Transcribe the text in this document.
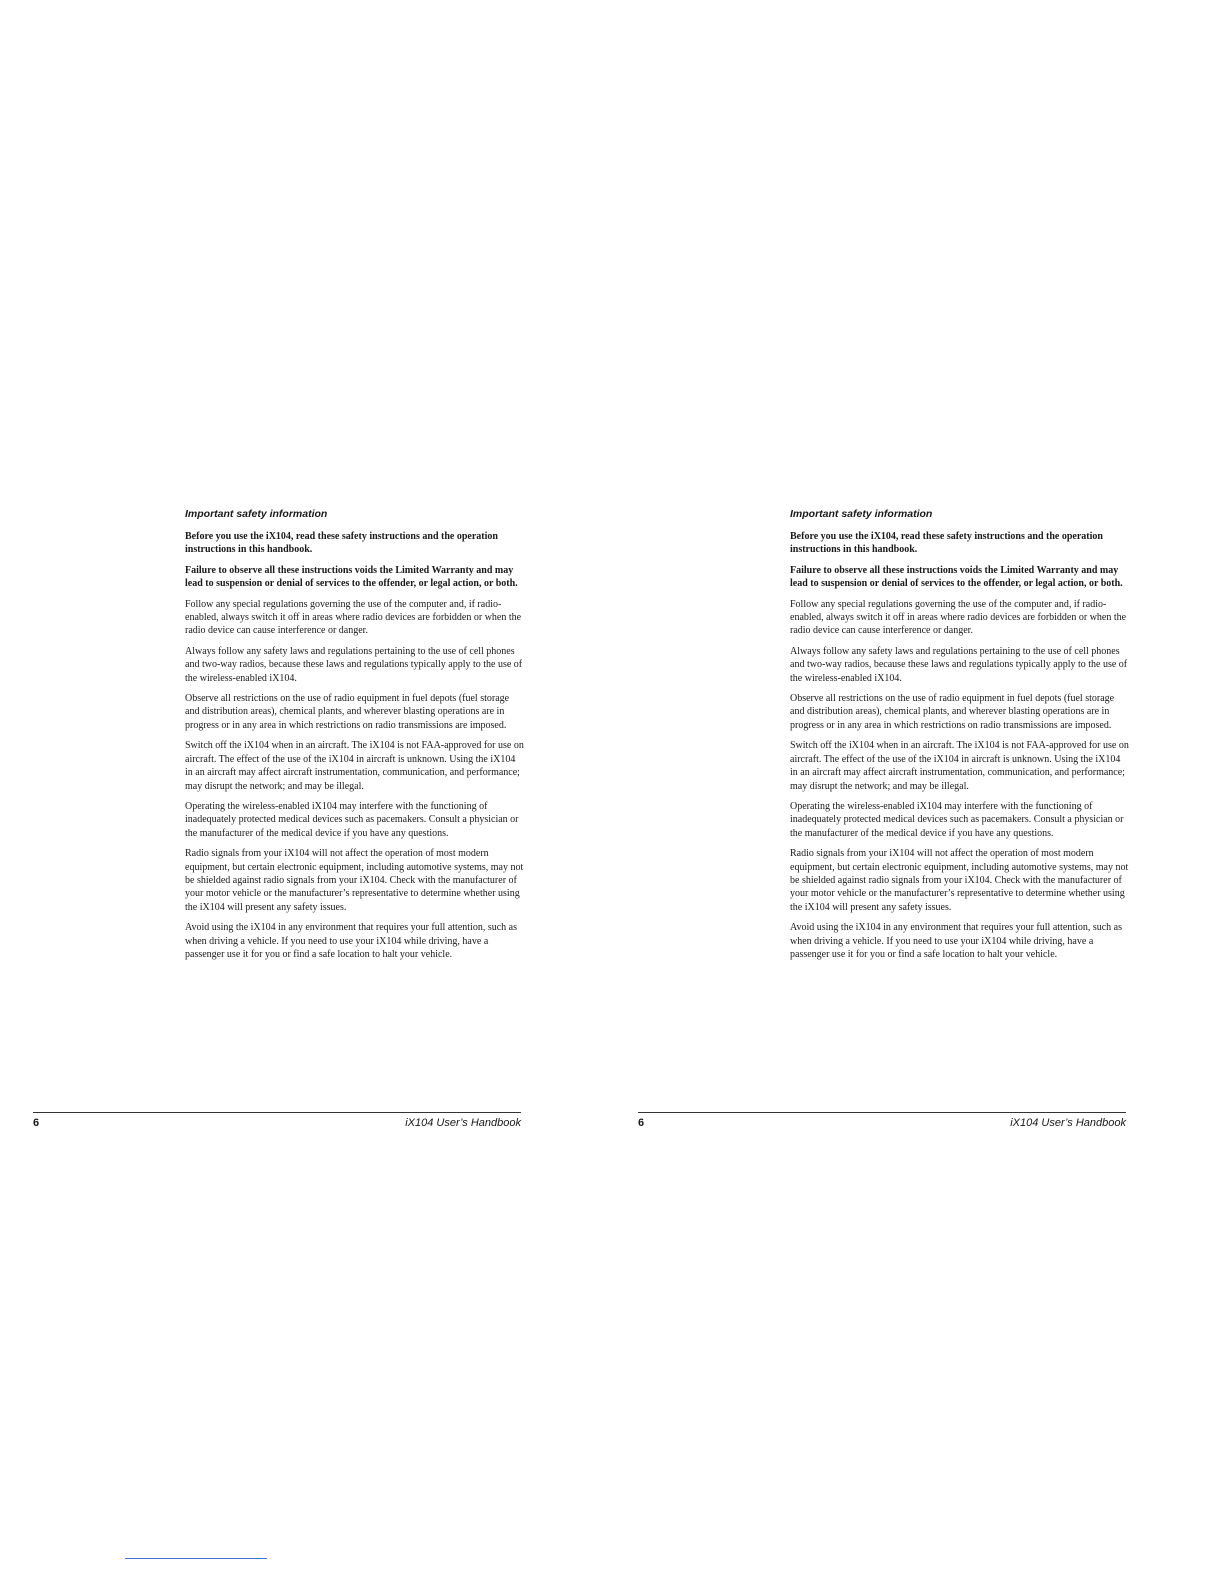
Important safety information

Before you use the iX104, read these safety instructions and the operation instructions in this handbook.

Failure to observe all these instructions voids the Limited Warranty and may lead to suspension or denial of services to the offender, or legal action, or both.

Follow any special regulations governing the use of the computer and, if radio-enabled, always switch it off in areas where radio devices are forbidden or when the radio device can cause interference or danger.

Always follow any safety laws and regulations pertaining to the use of cell phones and two-way radios, because these laws and regulations typically apply to the use of the wireless-enabled iX104.

Observe all restrictions on the use of radio equipment in fuel depots (fuel storage and distribution areas), chemical plants, and wherever blasting operations are in progress or in any area in which restrictions on radio transmissions are imposed.

Switch off the iX104 when in an aircraft. The iX104 is not FAA-approved for use on aircraft. The effect of the use of the iX104 in aircraft is unknown. Using the iX104 in an aircraft may affect aircraft instrumentation, communication, and performance; may disrupt the network; and may be illegal.

Operating the wireless-enabled iX104 may interfere with the functioning of inadequately protected medical devices such as pacemakers. Consult a physician or the manufacturer of the medical device if you have any questions.

Radio signals from your iX104 will not affect the operation of most modern equipment, but certain electronic equipment, including automotive systems, may not be shielded against radio signals from your iX104. Check with the manufacturer of your motor vehicle or the manufacturer’s representative to determine whether using the iX104 will present any safety issues.

Avoid using the iX104 in any environment that requires your full attention, such as when driving a vehicle. If you need to use your iX104 while driving, have a passenger use it for you or find a safe location to halt your vehicle.

6	iX104 User’s Handbook
Important safety information

Before you use the iX104, read these safety instructions and the operation instructions in this handbook.

Failure to observe all these instructions voids the Limited Warranty and may lead to suspension or denial of services to the offender, or legal action, or both.

Follow any special regulations governing the use of the computer and, if radio-enabled, always switch it off in areas where radio devices are forbidden or when the radio device can cause interference or danger.

Always follow any safety laws and regulations pertaining to the use of cell phones and two-way radios, because these laws and regulations typically apply to the use of the wireless-enabled iX104.

Observe all restrictions on the use of radio equipment in fuel depots (fuel storage and distribution areas), chemical plants, and wherever blasting operations are in progress or in any area in which restrictions on radio transmissions are imposed.

Switch off the iX104 when in an aircraft. The iX104 is not FAA-approved for use on aircraft. The effect of the use of the iX104 in aircraft is unknown. Using the iX104 in an aircraft may affect aircraft instrumentation, communication, and performance; may disrupt the network; and may be illegal.

Operating the wireless-enabled iX104 may interfere with the functioning of inadequately protected medical devices such as pacemakers. Consult a physician or the manufacturer of the medical device if you have any questions.

Radio signals from your iX104 will not affect the operation of most modern equipment, but certain electronic equipment, including automotive systems, may not be shielded against radio signals from your iX104. Check with the manufacturer of your motor vehicle or the manufacturer’s representative to determine whether using the iX104 will present any safety issues.

Avoid using the iX104 in any environment that requires your full attention, such as when driving a vehicle. If you need to use your iX104 while driving, have a passenger use it for you or find a safe location to halt your vehicle.

6	iX104 User’s Handbook
